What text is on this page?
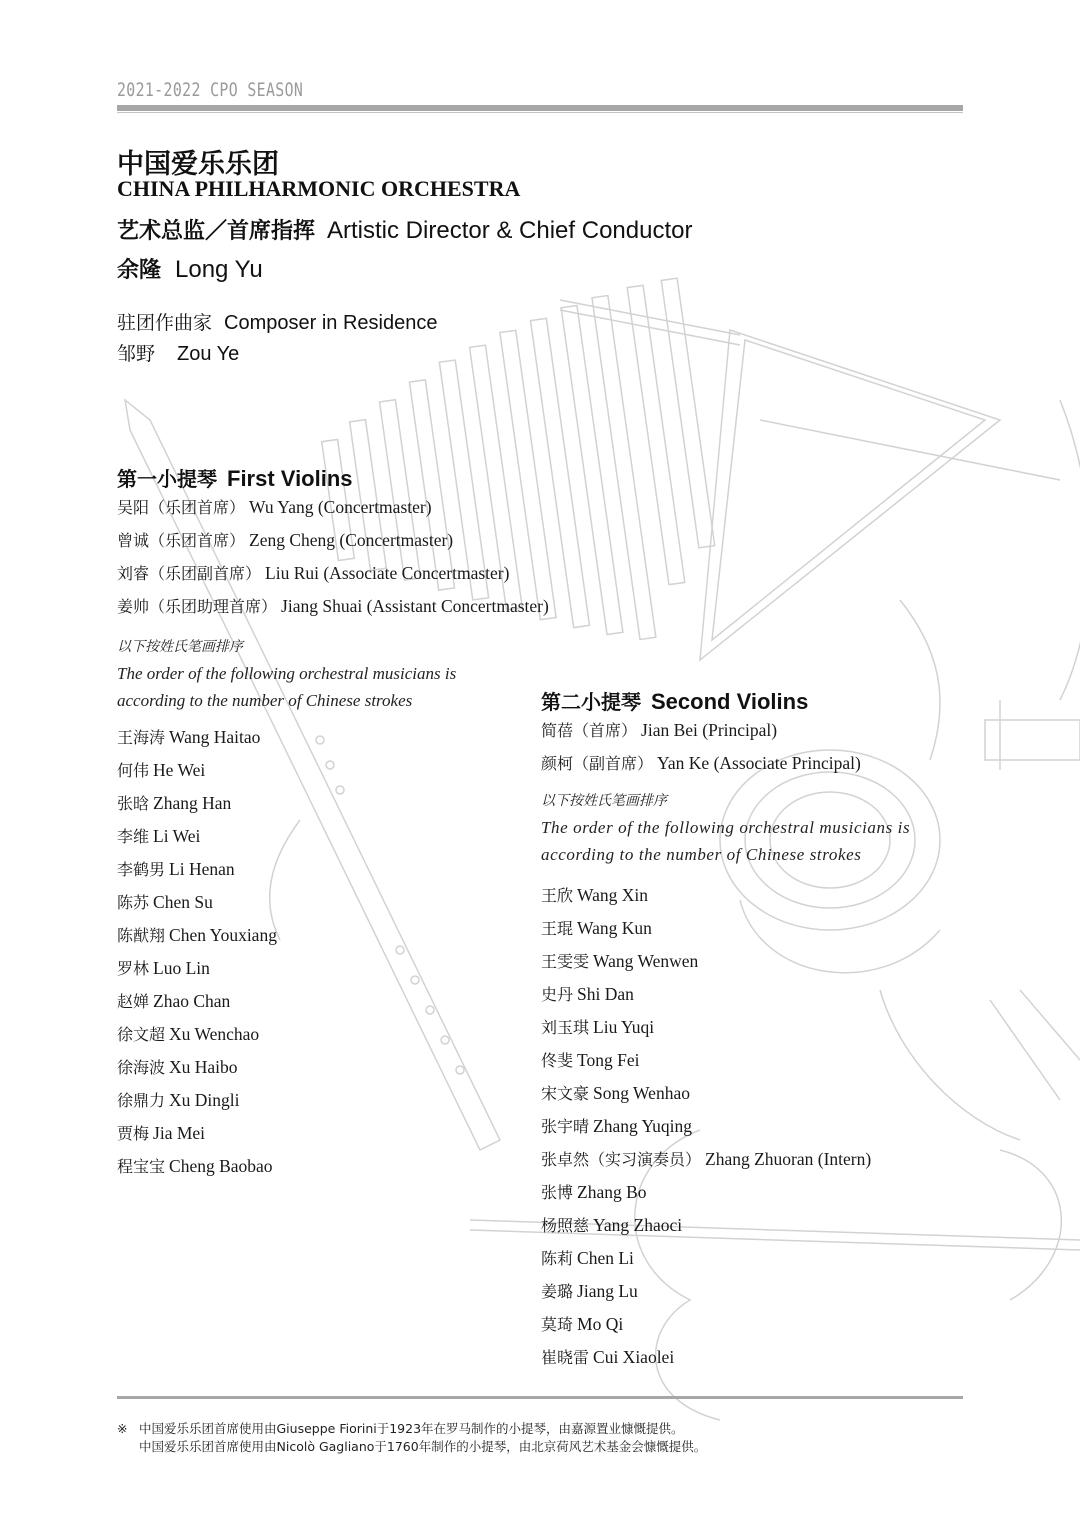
2021-2022 CPO SEASON
中国爱乐乐团
CHINA PHILHARMONIC ORCHESTRA
艺术总监／首席指挥 Artistic Director & Chief Conductor
余隆 Long Yu
驻团作曲家 Composer in Residence
邹野 Zou Ye
第一小提琴 First Violins
吴阳（乐团首席） Wu Yang (Concertmaster)
曾诚（乐团首席） Zeng Cheng (Concertmaster)
刘睿（乐团副首席） Liu Rui (Associate Concertmaster)
姜帅（乐团助理首席） Jiang Shuai (Assistant Concertmaster)
以下按姓氏笔画排序
The order of the following orchestral musicians is
according to the number of Chinese strokes
王海涛 Wang Haitao
何伟 He Wei
张晗 Zhang Han
李维 Li Wei
李鹤男 Li Henan
陈苏 Chen Su
陈猷翔 Chen Youxiang
罗林 Luo Lin
赵婵 Zhao Chan
徐文超 Xu Wenchao
徐海波 Xu Haibo
徐鼎力 Xu Dingli
贾梅 Jia Mei
程宝宝 Cheng Baobao
第二小提琴 Second Violins
简蓓（首席） Jian Bei (Principal)
颜柯（副首席） Yan Ke (Associate Principal)
以下按姓氏笔画排序
The order of the following orchestral musicians is
according to the number of Chinese strokes
王欣 Wang Xin
王琨 Wang Kun
王雯雯 Wang Wenwen
史丹 Shi Dan
刘玉琪 Liu Yuqi
佟斐 Tong Fei
宋文豪 Song Wenhao
张宇晴 Zhang Yuqing
张卓然（实习演奏员） Zhang Zhuoran (Intern)
张博 Zhang Bo
杨照慈 Yang Zhaoci
陈莉 Chen Li
姜璐 Jiang Lu
莫琦 Mo Qi
崔晓雷 Cui Xiaolei
※ 中国爱乐乐团首席使用由Giuseppe Fiorini于1923年在罗马制作的小提琴，由嘉源置业慷慨提供。
中国爱乐乐团首席使用由Nicolò Gagliano于1760年制作的小提琴，由北京荷风艺术基金会慷慨提供。
